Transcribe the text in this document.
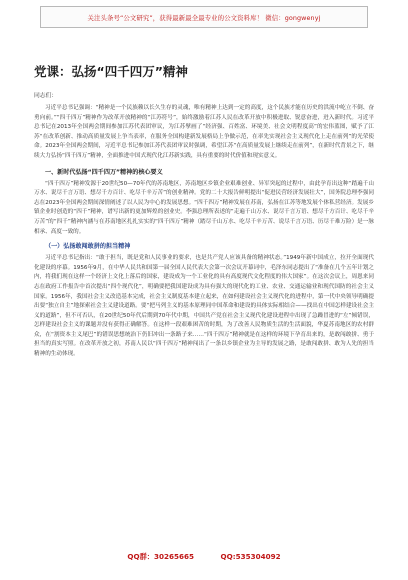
关注头条号“公文研究”，获得最新最全最专业的公文资料库！ 微信：gongwenyj
党课：弘扬“四千四万”精神
同志们：

习近平总书记强调：“精神是一个民族赖以长久生存的灵魂，唯有精神上达到一定的高度，这个民族才能在历史的洪流中屹立不倒、奋勇向前。”“四千四万”精神作为改革开放精神的“江苏符号”，始终激励着江苏人民在改革开放中积极进取、锐意奋进，迸入新时代。习近平总书记在2013年全国两会期间参加江苏代表团审议，为江苏擘画了“经济强、百姓富、环境美、社会文明程度高”的宏伟蓝图，赋予了江苏“在改革创新、推动高质量发展上争当表率，在服务全国构建新发展格局上争做示范，在率先实现社会主义现代化上走在前列”的光荣使命。2023年全国两会期间，习近平总书记参加江苏代表团审议时强调，希望江苏“在高质量发展上继续走在前列”，在新时代背景之下，继续大力弘扬“四千四万”精神，全面推进中国式现代化江苏新实践，具有重要的时代价值和现实意义。

一、新时代弘扬“四千四万”精神的核心要义

“四千四万”精神发源于20世纪50—70年代的苏南地区，苏南地区乡镇企业艰难创业、异军突起的过程中，由此孕育出这种“踏遍千山万水、说尽千言万语、想尽千方百计、吃尽千辛万苦”的创业精神。党的二十大报告鲜明提出“促进民营经济发展壮大”，国务院总理李强同志在2023年全国两会期间深情阐述了以人民为中心的发展思想。“四千四万”精神发展在苏南，弘扬在江苏等地发展个体私营经济。发展乡镇企业时创造的“四千”精神，谱写出新的更加辉煌的创业史。李强总理所表述的“走遍千山万水、说尽千言万语、想尽千方百计、吃尽千辛万苦”的“四千”精神内涵与在苏南地区扎扎实实的“四千四万”精神（踏尽千山万水、吃尽千辛万苦、说尽千言万语、历尽千难万险）是一脉相承、高度一致的。

（一）弘扬敢闯敢拼的担当精神

习近平总书记指出：“敢于担当，既是党和人民事业的要求，也是共产党人应该具备的精神状态。”1949年新中国成立，拉开全面现代化建设的序幕。1956年9月，在中华人民共和国第一届全国人民代表大会第一次会议开幕词中，毛泽东同志提出了“准备在几个五年计划之内，将我们现在这样一个经济上文化上落后的国家，建设成为一个工业化的具有高度现代文化程度的伟大国家”。在这次会议上，周恩来同志在政府工作报告中首次提出“四个现代化”，明确要把我国建设成为具有强大的现代化的工业、农业、交通运输业和现代国防的社会主义国家。1956年，我国社会主义改造基本完成，社会主义制度基本建立起来，在如何建设社会主义现代化的进程中，第一代中央领导明确提出要“独立自主”地探索社会主义建设道路。要“把马列主义的基本原理同中国革命和建设的具体实际相结合——找出在中国怎样建设社会主义的道路”，但不可否认，在20世纪50年代后期到70年代中期，中国共产党在社会主义现代化建设进程中出现了急躁冒进的“左”倾错误，怎样建设社会主义的课题并没有获得正确解答。在这样一段艰难困苦的时期，为了改善人民物质生活的生活面貌，华夏苏南地区的农村群众，在“割资本主义尾巴”的错误思想统治下仍旧冲出一条路子来……“四千四万”精神就是在这样的环境下孕育出来的，是敢闯敢拼、勇于担当的真实写照。在改革开放之初，苏南人民以“四千四万”精神闯出了一条以乡镇企业为主导的发展之路，是敢闯敢拼、敢为人先的担当精神的生动体现。

QQ群：30265665	QQ:535304092
